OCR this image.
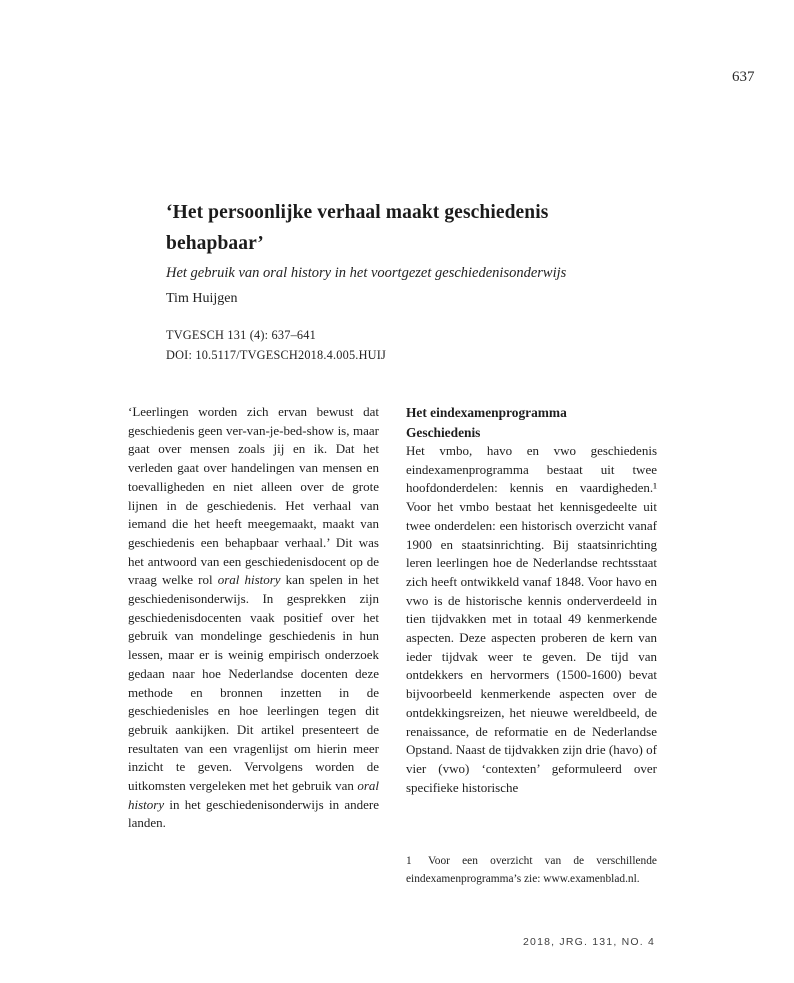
637
‘Het persoonlijke verhaal maakt geschiedenis behapbaar’
Het gebruik van oral history in het voortgezet geschiedenisonderwijs
Tim Huijgen
TVGESCH 131 (4): 637–641
DOI: 10.5117/TVGESCH2018.4.005.HUIJ

‘Leerlingen worden zich ervan bewust dat geschiedenis geen ver-van-je-bed-show is, maar gaat over mensen zoals jij en ik. Dat het verleden gaat over handelingen van mensen en toevalligheden en niet alleen over de grote lijnen in de geschiedenis. Het verhaal van iemand die het heeft meegemaakt, maakt van geschiedenis een behapbaar verhaal.’ Dit was het antwoord van een geschiedenisdocent op de vraag welke rol oral history kan spelen in het geschiedenisonderwijs. In gesprekken zijn geschiedenisdocenten vaak positief over het gebruik van mondelinge geschiedenis in hun lessen, maar er is weinig empirisch onderzoek gedaan naar hoe Nederlandse docenten deze methode en bronnen inzetten in de geschiedenisles en hoe leerlingen tegen dit gebruik aankijken. Dit artikel presenteert de resultaten van een vragenlijst om hierin meer inzicht te geven. Vervolgens worden de uitkomsten vergeleken met het gebruik van oral history in het geschiedenisonderwijs in andere landen.

Het eindexamenprogramma Geschiedenis

Het vmbo, havo en vwo geschiedenis eindexamenprogramma bestaat uit twee hoofdonderdelen: kennis en vaardigheden.¹ Voor het vmbo bestaat het kennisgedeelte uit twee onderdelen: een historisch overzicht vanaf 1900 en staatsinrichting. Bij staatsinrichting leren leerlingen hoe de Nederlandse rechtsstaat zich heeft ontwikkeld vanaf 1848. Voor havo en vwo is de historische kennis onderverdeeld in tien tijdvakken met in totaal 49 kenmerkende aspecten. Deze aspecten proberen de kern van ieder tijdvak weer te geven. De tijd van ontdekkers en hervormers (1500-1600) bevat bijvoorbeeld kenmerkende aspecten over de ontdekkingsreizen, het nieuwe wereldbeeld, de renaissance, de reformatie en de Nederlandse Opstand. Naast de tijdvakken zijn drie (havo) of vier (vwo) ‘contexten’ geformuleerd over specifieke historische

1 Voor een overzicht van de verschillende eindexamenprogramma’s zie: www.examenblad.nl.
2018, JRG. 131, NO. 4
